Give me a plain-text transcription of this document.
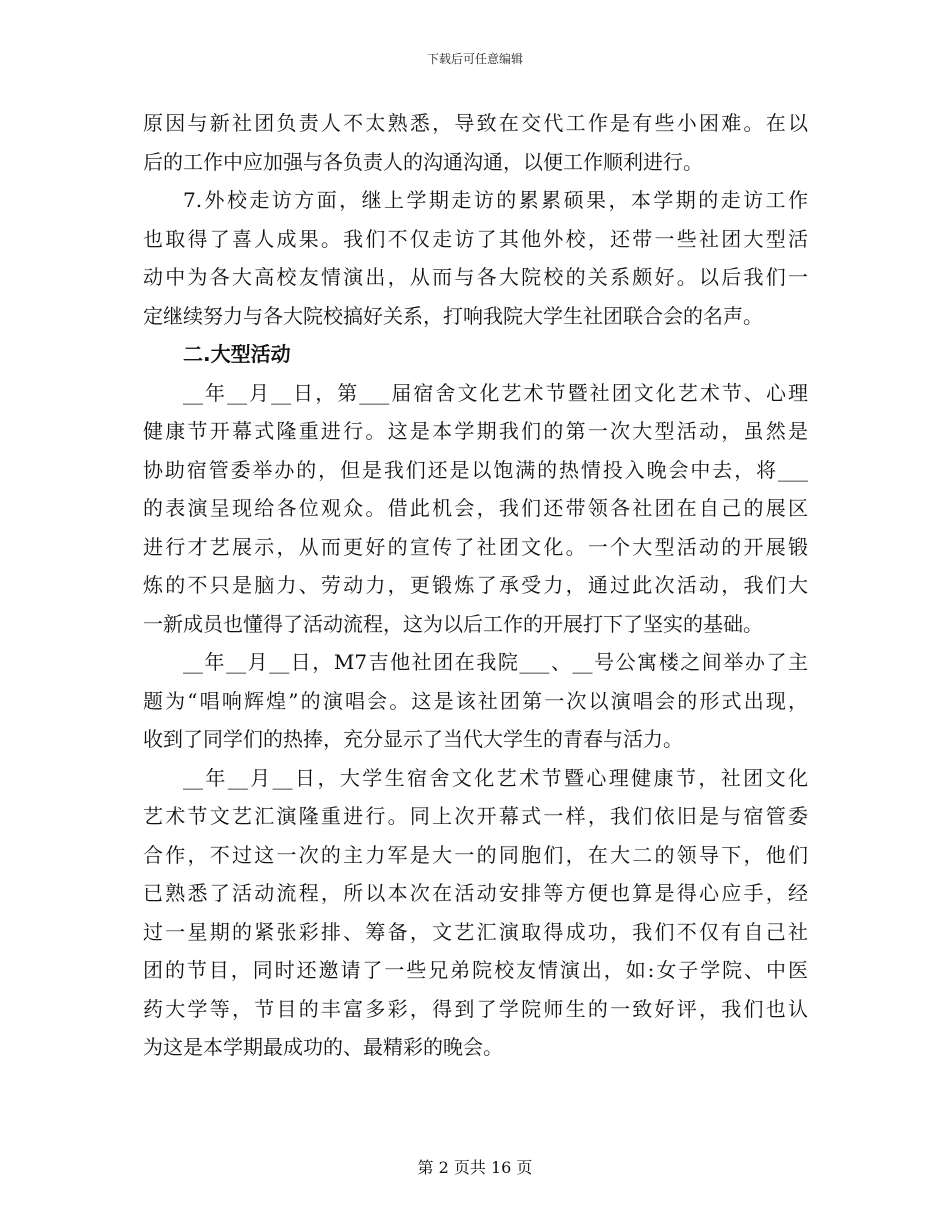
下载后可任意编辑
原因与新社团负责人不太熟悉，导致在交代工作是有些小困难。在以
后的工作中应加强与各负责人的沟通沟通，以便工作顺利进行。
7.外校走访方面，继上学期走访的累累硕果，本学期的走访工作
也取得了喜人成果。我们不仅走访了其他外校，还带一些社团大型活
动中为各大高校友情演出，从而与各大院校的关系颇好。以后我们一
定继续努力与各大院校搞好关系，打响我院大学生社团联合会的名声。
二.大型活动
__年__月__日，第___届宿舍文化艺术节暨社团文化艺术节、心理
健康节开幕式隆重进行。这是本学期我们的第一次大型活动，虽然是
协助宿管委举办的，但是我们还是以饱满的热情投入晚会中去，将___
的表演呈现给各位观众。借此机会，我们还带领各社团在自己的展区
进行才艺展示，从而更好的宣传了社团文化。一个大型活动的开展锻
炼的不只是脑力、劳动力，更锻炼了承受力，通过此次活动，我们大
一新成员也懂得了活动流程，这为以后工作的开展打下了坚实的基础。
__年__月__日，M7吉他社团在我院___、__号公寓楼之间举办了主
题为“唱响辉煌”的演唱会。这是该社团第一次以演唱会的形式出现，
收到了同学们的热捧，充分显示了当代大学生的青春与活力。
__年__月__日，大学生宿舍文化艺术节暨心理健康节，社团文化
艺术节文艺汇演隆重进行。同上次开幕式一样，我们依旧是与宿管委
合作，不过这一次的主力军是大一的同胞们，在大二的领导下，他们
已熟悉了活动流程，所以本次在活动安排等方便也算是得心应手，经
过一星期的紧张彩排、筹备，文艺汇演取得成功，我们不仅有自己社
团的节目，同时还邀请了一些兄弟院校友情演出，如:女子学院、中医
药大学等，节目的丰富多彩，得到了学院师生的一致好评，我们也认
为这是本学期最成功的、最精彩的晚会。
第 2 页共 16 页
